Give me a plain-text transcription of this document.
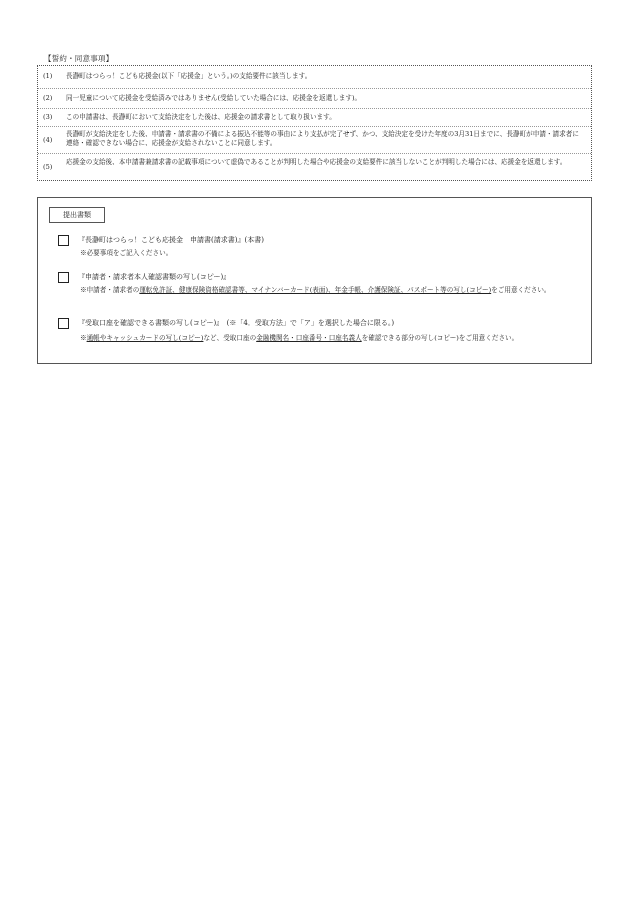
【誓約・同意事項】
(1) 長瀞町はつらっ！こども応援金(以下「応援金」という。)の支給要件に該当します。
(2) 同一児童について応援金を受給済みではありません(受給していた場合には、応援金を返還します)。
(3) この申請書は、長瀞町において支給決定をした後は、応援金の請求書として取り扱います。
(4)
長瀞町が支給決定をした後、申請書・請求書の不備による振込不能等の事由により支払が完了せず、かつ、支給決定を受けた年度の3月31日までに、長瀞町が申請・請求者に連絡・確認できない場合に、応援金が支給されないことに同意します。
(5)
応援金の支給後、本申請書兼請求書の記載事項について虚偽であることが判明した場合や応援金の支給要件に該当しないことが判明した場合には、応援金を返還します。
提出書類
『長瀞町はつらっ！こども応援金　申請書(請求書)』(本書)
※必要事項をご記入ください。
『申請者・請求者本人確認書類の写し(コピー)』
※申請者・請求者の運転免許証、健康保険資格確認書等、マイナンバーカード(表面)、年金手帳、介護保険証、パスポート等の写し(コピー)をご用意ください。
『受取口座を確認できる書類の写し(コピー)』　(※「4．受取方法」で「ア」を選択した場合に限る。)
※通帳やキャッシュカードの写し(コピー)など、受取口座の金融機関名・口座番号・口座名義人を確認できる部分の写し(コピー)をご用意ください。
